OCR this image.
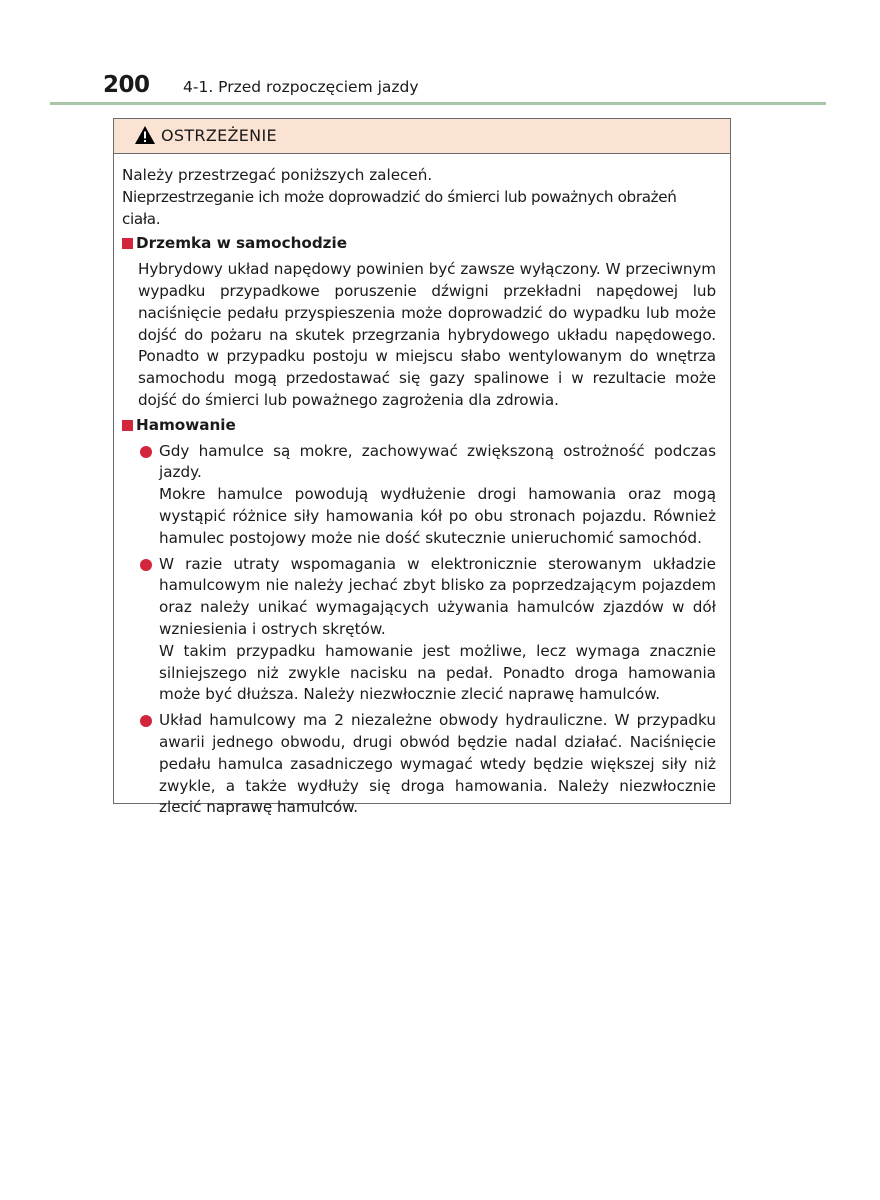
200 4-1. Przed rozpoczęciem jazdy
OSTRZEŻENIE

Należy przestrzegać poniższych zaleceń.

Nieprzestrzeganie ich może doprowadzić do śmierci lub poważnych obrażeń ciała.

Drzemka w samochodzie

Hybrydowy układ napędowy powinien być zawsze wyłączony. W przeciwnym wypadku przypadkowe poruszenie dźwigni przekładni napędowej lub naciśnięcie pedału przyspieszenia może doprowadzić do wypadku lub może dojść do pożaru na skutek przegrzania hybrydowego układu napędowego. Ponadto w przypadku postoju w miejscu słabo wentylowanym do wnętrza samochodu mogą przedostawać się gazy spalinowe i w rezultacie może dojść do śmierci lub poważnego zagrożenia dla zdrowia.

Hamowanie

Gdy hamulce są mokre, zachowywać zwiększoną ostrożność podczas jazdy.

Mokre hamulce powodują wydłużenie drogi hamowania oraz mogą wystąpić różnice siły hamowania kół po obu stronach pojazdu. Również hamulec postojowy może nie dość skutecznie unieruchomić samochód.

W razie utraty wspomagania w elektronicznie sterowanym układzie hamulcowym nie należy jechać zbyt blisko za poprzedzającym pojazdem oraz należy unikać wymagających używania hamulców zjazdów w dół wzniesienia i ostrych skrętów.

W takim przypadku hamowanie jest możliwe, lecz wymaga znacznie silniejszego niż zwykle nacisku na pedał. Ponadto droga hamowania może być dłuższa. Należy niezwłocznie zlecić naprawę hamulców.

Układ hamulcowy ma 2 niezależne obwody hydrauliczne. W przypadku awarii jednego obwodu, drugi obwód będzie nadal działać. Naciśnięcie pedału hamulca zasadniczego wymagać wtedy będzie większej siły niż zwykle, a także wydłuży się droga hamowania. Należy niezwłocznie zlecić naprawę hamulców.
